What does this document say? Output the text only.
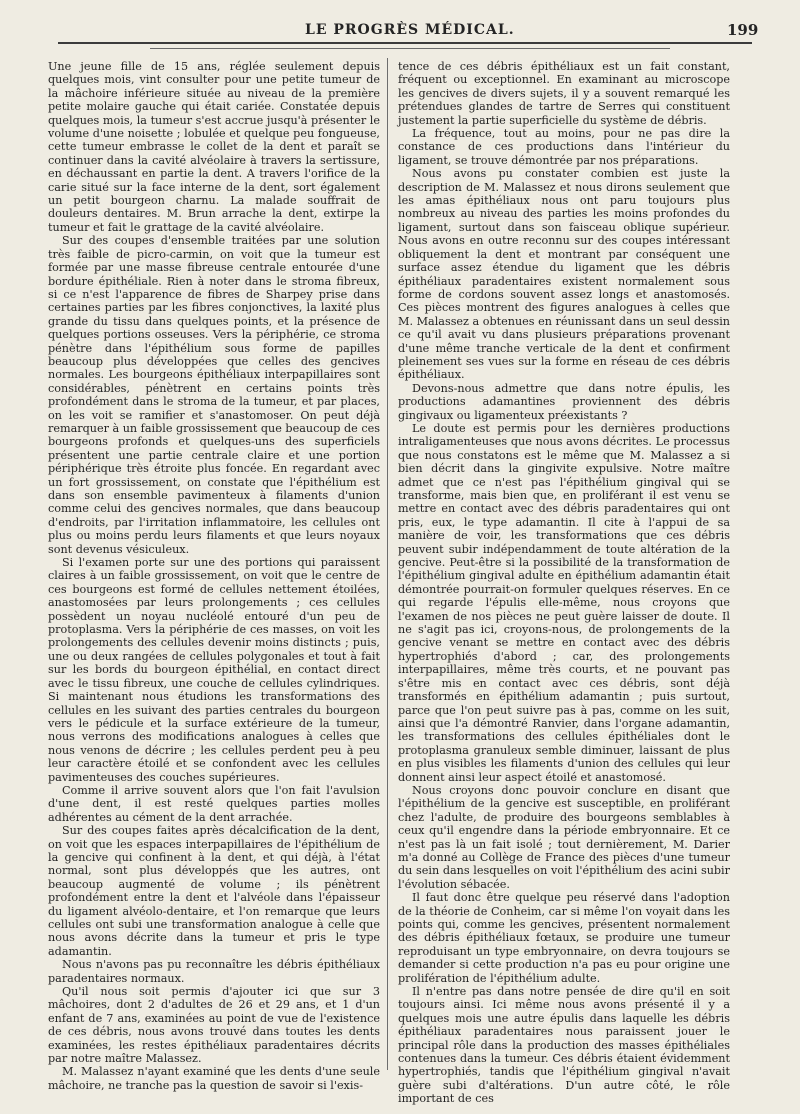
LE PROGRÈS MÉDICAL.	199

Une jeune fille de 15 ans, réglée seulement depuis quelques mois, vint consulter pour une petite tumeur de la mâchoire inférieure située au niveau de la première petite molaire gauche qui était cariée. Constatée depuis quelques mois, la tumeur s'est accrue jusqu'à présenter le volume d'une noisette ; lobulée et quelque peu fongueuse, cette tumeur embrasse le collet de la dent et paraît se continuer dans la cavité alvéolaire à travers la sertissure, en déchaussant en partie la dent. A travers l'orifice de la carie situé sur la face interne de la dent, sort également un petit bourgeon charnu. La malade souffrait de douleurs dentaires. M. Brun arrache la dent, extirpe la tumeur et fait le grattage de la cavité alvéolaire.

Sur des coupes d'ensemble traitées par une solution très faible de picro-carmin, on voit que la tumeur est formée par une masse fibreuse centrale entourée d'une bordure épithéliale. Rien à noter dans le stroma fibreux, si ce n'est l'apparence de fibres de Sharpey prise dans certaines parties par les fibres conjonctives, la laxité plus grande du tissu dans quelques points, et la présence de quelques portions osseuses. Vers la périphérie, ce stroma pénètre dans l'épithélium sous forme de papilles beaucoup plus développées que celles des gencives normales. Les bourgeons épithéliaux interpapillaires sont considérables, pénètrent en certains points très profondément dans le stroma de la tumeur, et par places, on les voit se ramifier et s'anastomoser. On peut déjà remarquer à un faible grossissement que beaucoup de ces bourgeons profonds et quelques-uns des superficiels présentent une partie centrale claire et une portion périphérique très étroite plus foncée. En regardant avec un fort grossissement, on constate que l'épithélium est dans son ensemble pavimenteux à filaments d'union comme celui des gencives normales, que dans beaucoup d'endroits, par l'irritation inflammatoire, les cellules ont plus ou moins perdu leurs filaments et que leurs noyaux sont devenus vésiculeux.

Si l'examen porte sur une des portions qui paraissent claires à un faible grossissement, on voit que le centre de ces bourgeons est formé de cellules nettement étoilées, anastomosées par leurs prolongements ; ces cellules possèdent un noyau nucléolé entouré d'un peu de protoplasma. Vers la périphérie de ces masses, on voit les prolongements des cellules devenir moins distincts ; puis, une ou deux rangées de cellules polygonales et tout à fait sur les bords du bourgeon épithélial, en contact direct avec le tissu fibreux, une couche de cellules cylindriques. Si maintenant nous étudions les transformations des cellules en les suivant des parties centrales du bourgeon vers le pédicule et la surface extérieure de la tumeur, nous verrons des modifications analogues à celles que nous venons de décrire ; les cellules perdent peu à peu leur caractère étoilé et se confondent avec les cellules pavimenteuses des couches supérieures.

Comme il arrive souvent alors que l'on fait l'avulsion d'une dent, il est resté quelques parties molles adhérentes au cément de la dent arrachée.

Sur des coupes faites après décalcification de la dent, on voit que les espaces interpapillaires de l'épithélium de la gencive qui confinent à la dent, et qui déjà, à l'état normal, sont plus développés que les autres, ont beaucoup augmenté de volume ; ils pénètrent profondément entre la dent et l'alvéole dans l'épaisseur du ligament alvéolo-dentaire, et l'on remarque que leurs cellules ont subi une transformation analogue à celle que nous avons décrite dans la tumeur et pris le type adamantin.

Nous n'avons pas pu reconnaître les débris épithéliaux paradentaires normaux.

Qu'il nous soit permis d'ajouter ici que sur 3 mâchoires, dont 2 d'adultes de 26 et 29 ans, et 1 d'un enfant de 7 ans, examinées au point de vue de l'existence de ces débris, nous avons trouvé dans toutes les dents examinées, les restes épithéliaux paradentaires décrits par notre maître Malassez.

M. Malassez n'ayant examiné que les dents d'une seule mâchoire, ne tranche pas la question de savoir si l'exis-

tence de ces débris épithéliaux est un fait constant, fréquent ou exceptionnel. En examinant au microscope les gencives de divers sujets, il y a souvent remarqué les prétendues glandes de tartre de Serres qui constituent justement la partie superficielle du système de débris.

La fréquence, tout au moins, pour ne pas dire la constance de ces productions dans l'intérieur du ligament, se trouve démontrée par nos préparations.

Nous avons pu constater combien est juste la description de M. Malassez et nous dirons seulement que les amas épithéliaux nous ont paru toujours plus nombreux au niveau des parties les moins profondes du ligament, surtout dans son faisceau oblique supérieur. Nous avons en outre reconnu sur des coupes intéressant obliquement la dent et montrant par conséquent une surface assez étendue du ligament que les débris épithéliaux paradentaires existent normalement sous forme de cordons souvent assez longs et anastomosés. Ces pièces montrent des figures analogues à celles que M. Malassez a obtenues en réunissant dans un seul dessin ce qu'il avait vu dans plusieurs préparations provenant d'une même tranche verticale de la dent et confirment pleinement ses vues sur la forme en réseau de ces débris épithéliaux.

Devons-nous admettre que dans notre épulis, les productions adamantines proviennent des débris gingivaux ou ligamenteux préexistants ?

Le doute est permis pour les dernières productions intraligamenteuses que nous avons décrites. Le processus que nous constatons est le même que M. Malassez a si bien décrit dans la gingivite expulsive. Notre maître admet que ce n'est pas l'épithélium gingival qui se transforme, mais bien que, en proliférant il est venu se mettre en contact avec des débris paradentaires qui ont pris, eux, le type adamantin. Il cite à l'appui de sa manière de voir, les transformations que ces débris peuvent subir indépendamment de toute altération de la gencive. Peut-être si la possibilité de la transformation de l'épithélium gingival adulte en épithélium adamantin était démontrée pourrait-on formuler quelques réserves. En ce qui regarde l'épulis elle-même, nous croyons que l'examen de nos pièces ne peut guère laisser de doute. Il ne s'agit pas ici, croyons-nous, de prolongements de la gencive venant se mettre en contact avec des débris hypertrophiés d'abord ; car, des prolongements interpapillaires, même très courts, et ne pouvant pas s'être mis en contact avec ces débris, sont déjà transformés en épithélium adamantin ; puis surtout, parce que l'on peut suivre pas à pas, comme on les suit, ainsi que l'a démontré Ranvier, dans l'organe adamantin, les transformations des cellules épithéliales dont le protoplasma granuleux semble diminuer, laissant de plus en plus visibles les filaments d'union des cellules qui leur donnent ainsi leur aspect étoilé et anastomosé.

Nous croyons donc pouvoir conclure en disant que l'épithélium de la gencive est susceptible, en proliférant chez l'adulte, de produire des bourgeons semblables à ceux qu'il engendre dans la période embryonnaire. Et ce n'est pas là un fait isolé ; tout dernièrement, M. Darier m'a donné au Collège de France des pièces d'une tumeur du sein dans lesquelles on voit l'épithélium des acini subir l'évolution sébacée.

Il faut donc être quelque peu réservé dans l'adoption de la théorie de Conheim, car si même l'on voyait dans les points qui, comme les gencives, présentent normalement des débris épithéliaux fœtaux, se produire une tumeur reproduisant un type embryonnaire, on devra toujours se demander si cette production n'a pas eu pour origine une prolifération de l'épithélium adulte.

Il n'entre pas dans notre pensée de dire qu'il en soit toujours ainsi. Ici même nous avons présenté il y a quelques mois une autre épulis dans laquelle les débris épithéliaux paradentaires nous paraissent jouer le principal rôle dans la production des masses épithéliales contenues dans la tumeur. Ces débris étaient évidemment hypertrophiés, tandis que l'épithélium gingival n'avait guère subi d'altérations. D'un autre côté, le rôle important de ces
